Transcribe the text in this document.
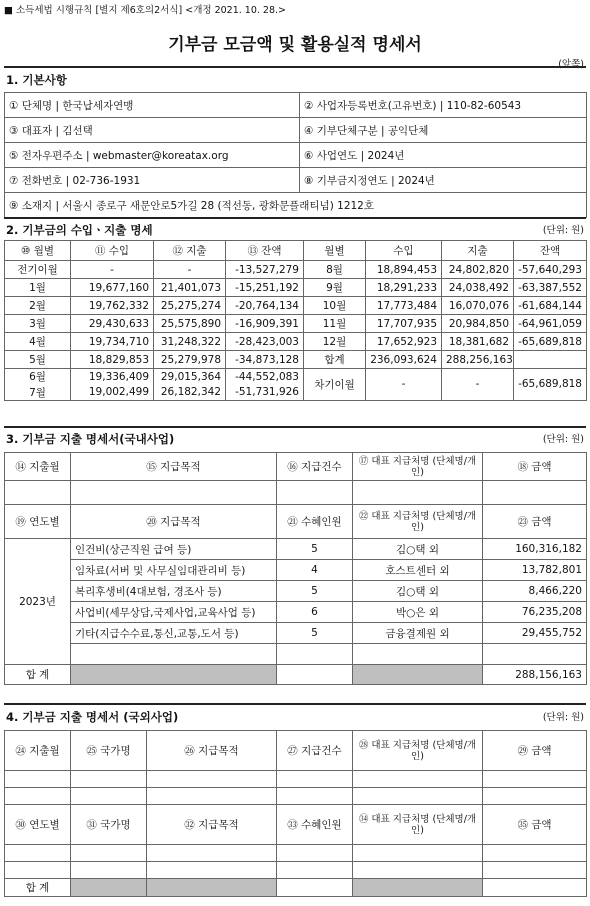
■ 소득세법 시행규칙 [별지 제6호의2서식] <개정 2021. 10. 28.>
기부금 모금액 및 활용실적 명세서
(앞쪽)
1. 기본사항
① 단체명 | 한국납세자연맹	② 사업자등록번호(고유번호) | 110-82-60543
③ 대표자 | 김선택	④ 기부단체구분 | 공익단체
⑤ 전자우편주소 | webmaster@koreatax.org	⑥ 사업연도 | 2024년
⑦ 전화번호 | 02-736-1931	⑧ 기부금지정연도 | 2024년
⑨ 소재지 | 서울시 종로구 새문안로5가길 28 (적선동, 광화문플래티넘) 1212호	
2. 기부금의 수입ㆍ지출 명세	(단위: 원)
⑩ 월별	⑪ 수입	⑫ 지출	⑬ 잔액	월별	수입	지출	잔액
전기이월	-	-	-13,527,279	8월	18,894,453	24,802,820	-57,640,293
1월	19,677,160	21,401,073	-15,251,192	9월	18,291,233	24,038,492	-63,387,552
2월	19,762,332	25,275,274	-20,764,134	10월	17,773,484	16,070,076	-61,684,144
3월	29,430,633	25,575,890	-16,909,391	11월	17,707,935	20,984,850	-64,961,059
4월	19,734,710	31,248,322	-28,423,003	12월	17,652,923	18,381,682	-65,689,818
5월	18,829,853	25,279,978	-34,873,128	합계	236,093,624	288,256,163	
6월	19,336,409	29,015,364	-44,552,083	차기이월	-	-	-65,689,818
7월	19,002,499	26,182,342	-51,731,926				
3. 기부금 지출 명세서(국내사업)	(단위: 원)
⑭ 지출월	⑮ 지급목적	⑯ 지급건수	⑰ 대표 지급처명 (단체명/개인)	⑱ 금액

⑲ 연도별	⑳ 지급목적	㉑ 수혜인원	㉒ 대표 지급처명 (단체명/개인)	㉓ 금액
2023년	인건비(상근직원 급여 등)	5	김○택 외	160,316,182
	임차료(서버 및 사무실임대관리비 등)	4	호스트센터 외	13,782,801
	복리후생비(4대보험, 경조사 등)	5	김○택 외	8,466,220
	사업비(세무상담,국제사업,교육사업 등)	6	박○은 외	76,235,208
	기타(지급수수료,통신,교통,도서 등)	5	금융결제원 외	29,455,752

합 계				288,156,163
4. 기부금 지출 명세서 (국외사업)	(단위: 원)
㉔ 지출월	㉕ 국가명	㉖ 지급목적	㉗ 지급건수	㉘ 대표 지급처명 (단체명/개인)	㉙ 금액

㉚ 연도별	㉛ 국가명	㉜ 지급목적	㉝ 수혜인원	㉞ 대표 지급처명 (단체명/개인)	㉟ 금액

합 계					
